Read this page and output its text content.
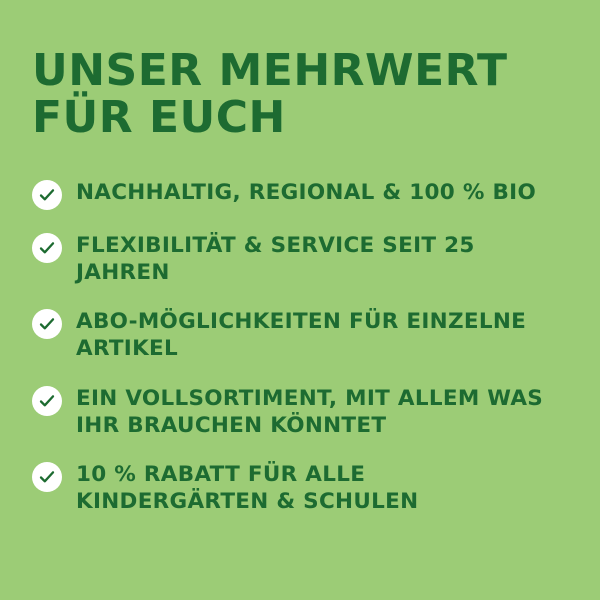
UNSER MEHRWERT
FÜR EUCH
NACHHALTIG, REGIONAL & 100 % BIO
FLEXIBILITÄT & SERVICE SEIT 25 JAHREN
ABO-MÖGLICHKEITEN FÜR EINZELNE ARTIKEL
EIN VOLLSORTIMENT, MIT ALLEM WAS IHR BRAUCHEN KÖNNTET
10 % RABATT FÜR ALLE KINDERGÄRTEN & SCHULEN
